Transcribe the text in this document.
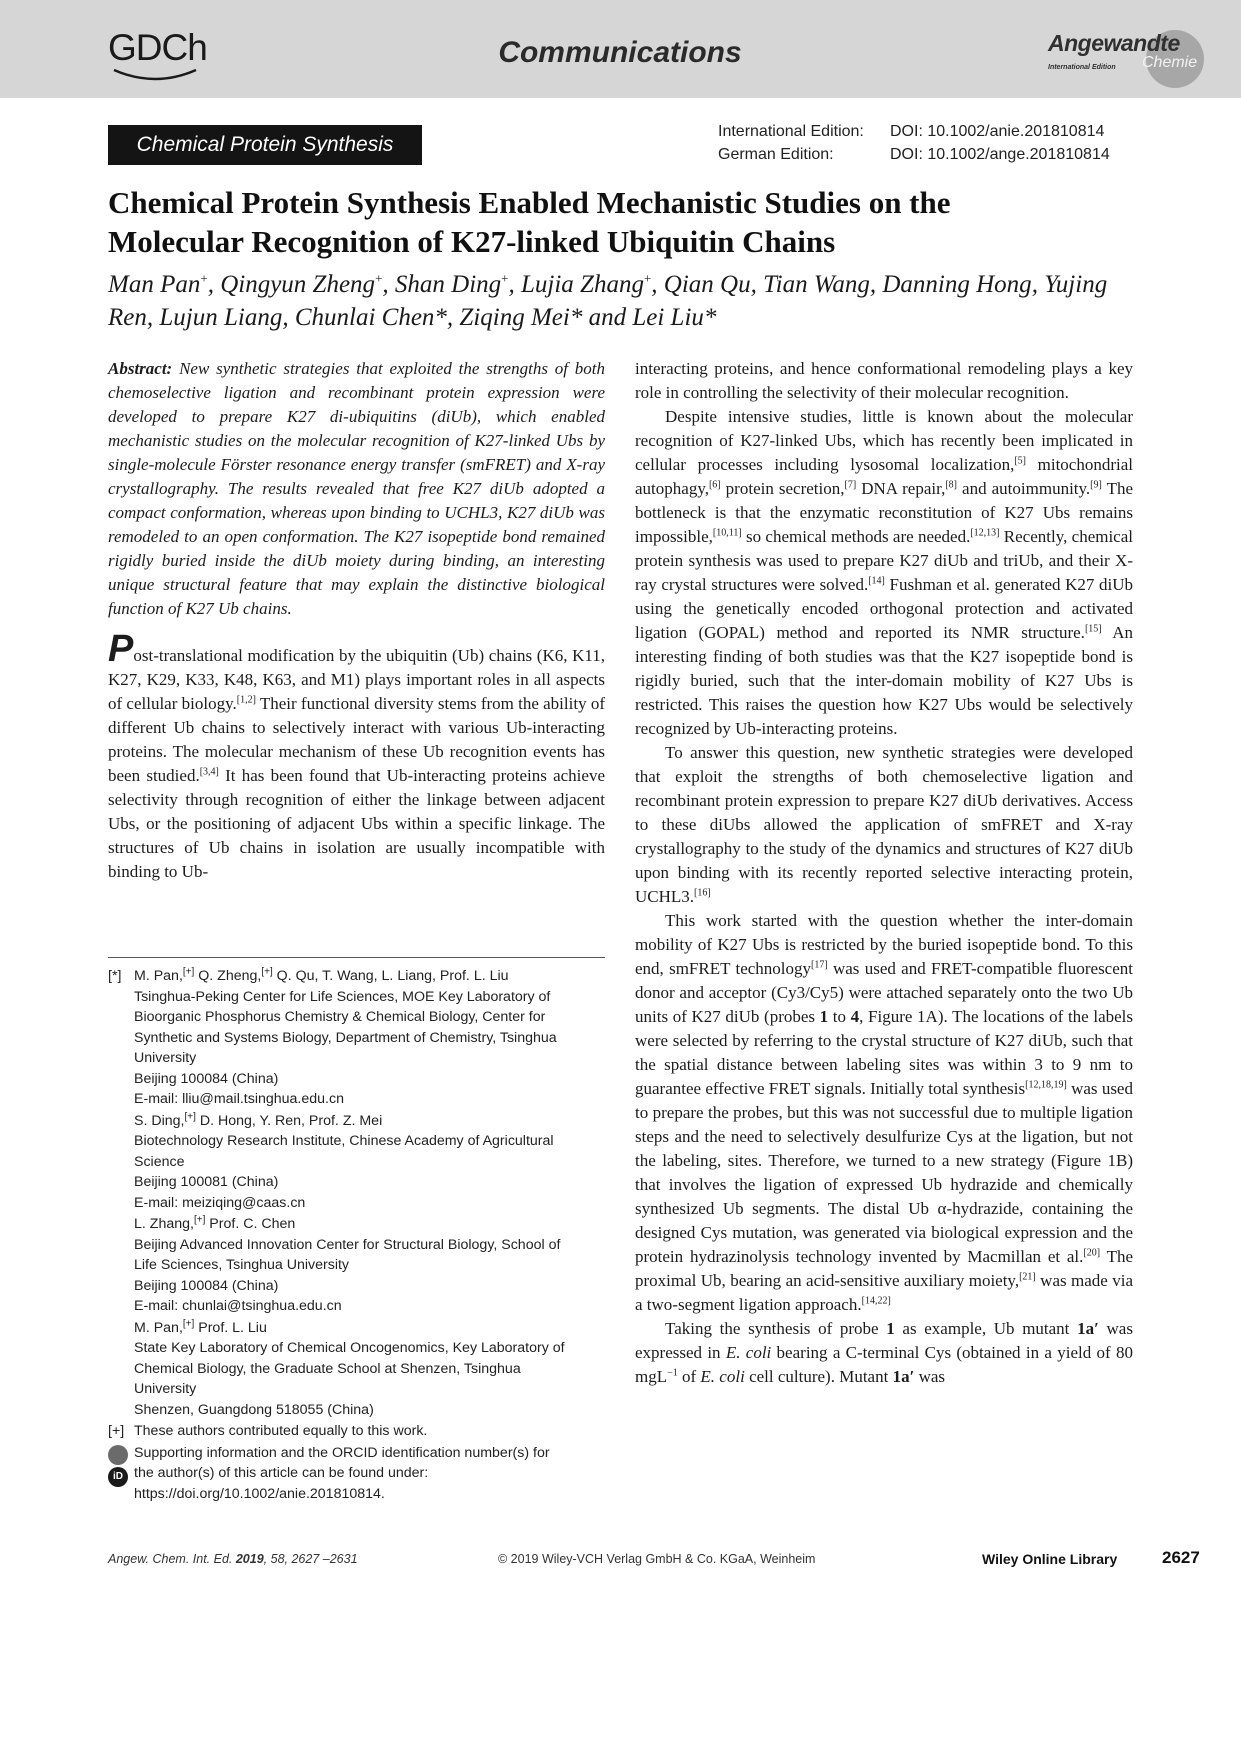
GDCh	Communications	Angewandte
International Edition Chemie
Chemical Protein Synthesis
International Edition: DOI: 10.1002/anie.201810814
German Edition:	DOI: 10.1002/ange.201810814
Chemical Protein Synthesis Enabled Mechanistic Studies on the
Molecular Recognition of K27-linked Ubiquitin Chains
Man Pan+, Qingyun Zheng+, Shan Ding+, Lujia Zhang+, Qian Qu, Tian Wang, Danning Hong, Yujing Ren, Lujun Liang, Chunlai Chen*, Ziqing Mei* and Lei Liu*

Abstract: New synthetic strategies that exploited the strengths of both chemoselective ligation and recombinant protein expression were developed to prepare K27 di-ubiquitins (diUb), which enabled mechanistic studies on the molecular recognition of K27-linked Ubs by single-molecule Förster resonance energy transfer (smFRET) and X-ray crystallography. The results revealed that free K27 diUb adopted a compact conformation, whereas upon binding to UCHL3, K27 diUb was remodeled to an open conformation. The K27 isopeptide bond remained rigidly buried inside the diUb moiety during binding, an interesting unique structural feature that may explain the distinctive biological function of K27 Ub chains.

Post-translational modification by the ubiquitin (Ub) chains (K6, K11, K27, K29, K33, K48, K63, and M1) plays important roles in all aspects of cellular biology.[1,2] Their functional diversity stems from the ability of different Ub chains to selectively interact with various Ub-interacting proteins. The molecular mechanism of these Ub recognition events has been studied.[3,4] It has been found that Ub-interacting proteins achieve selectivity through recognition of either the linkage between adjacent Ubs, or the positioning of adjacent Ubs within a specific linkage. The structures of Ub chains in isolation are usually incompatible with binding to Ub-

[*] M. Pan,[+] Q. Zheng,[+] Q. Qu, T. Wang, L. Liang, Prof. L. Liu
Tsinghua-Peking Center for Life Sciences, MOE Key Laboratory of
Bioorganic Phosphorus Chemistry & Chemical Biology, Center for
Synthetic and Systems Biology, Department of Chemistry, Tsinghua
University
Beijing 100084 (China)
E-mail: lliu@mail.tsinghua.edu.cn
S. Ding,[+] D. Hong, Y. Ren, Prof. Z. Mei
Biotechnology Research Institute, Chinese Academy of Agricultural
Science
Beijing 100081 (China)
E-mail: meiziqing@caas.cn
L. Zhang,[+] Prof. C. Chen
Beijing Advanced Innovation Center for Structural Biology, School of
Life Sciences, Tsinghua University
Beijing 100084 (China)
E-mail: chunlai@tsinghua.edu.cn
M. Pan,[+] Prof. L. Liu
State Key Laboratory of Chemical Oncogenomics, Key Laboratory of
Chemical Biology, the Graduate School at Shenzen, Tsinghua
University
Shenzen, Guangdong 518055 (China)
[+] These authors contributed equally to this work.
iD
Supporting information and the ORCID identification number(s) for
the author(s) of this article can be found under:
https://doi.org/10.1002/anie.201810814.

interacting proteins, and hence conformational remodeling plays a key role in controlling the selectivity of their molecular recognition.

Despite intensive studies, little is known about the molecular recognition of K27-linked Ubs, which has recently been implicated in cellular processes including lysosomal localization,[5] mitochondrial autophagy,[6] protein secretion,[7] DNA repair,[8] and autoimmunity.[9] The bottleneck is that the enzymatic reconstitution of K27 Ubs remains impossible,[10,11] so chemical methods are needed.[12,13] Recently, chemical protein synthesis was used to prepare K27 diUb and triUb, and their X-ray crystal structures were solved.[14] Fushman et al. generated K27 diUb using the genetically encoded orthogonal protection and activated ligation (GOPAL) method and reported its NMR structure.[15] An interesting finding of both studies was that the K27 isopeptide bond is rigidly buried, such that the inter-domain mobility of K27 Ubs is restricted. This raises the question how K27 Ubs would be selectively recognized by Ub-interacting proteins.

To answer this question, new synthetic strategies were developed that exploit the strengths of both chemoselective ligation and recombinant protein expression to prepare K27 diUb derivatives. Access to these diUbs allowed the application of smFRET and X-ray crystallography to the study of the dynamics and structures of K27 diUb upon binding with its recently reported selective interacting protein, UCHL3.[16]

This work started with the question whether the inter-domain mobility of K27 Ubs is restricted by the buried isopeptide bond. To this end, smFRET technology[17] was used and FRET-compatible fluorescent donor and acceptor (Cy3/Cy5) were attached separately onto the two Ub units of K27 diUb (probes 1 to 4, Figure 1A). The locations of the labels were selected by referring to the crystal structure of K27 diUb, such that the spatial distance between labeling sites was within 3 to 9 nm to guarantee effective FRET signals. Initially total synthesis[12,18,19] was used to prepare the probes, but this was not successful due to multiple ligation steps and the need to selectively desulfurize Cys at the ligation, but not the labeling, sites. Therefore, we turned to a new strategy (Figure 1B) that involves the ligation of expressed Ub hydrazide and chemically synthesized Ub segments. The distal Ub α-hydrazide, containing the designed Cys mutation, was generated via biological expression and the protein hydrazinolysis technology invented by Macmillan et al.[20] The proximal Ub, bearing an acid-sensitive auxiliary moiety,[21] was made via a two-segment ligation approach.[14,22]

Taking the synthesis of probe 1 as example, Ub mutant 1a′ was expressed in E. coli bearing a C-terminal Cys (obtained in a yield of 80 mgL$^{-1}$ of E. coli cell culture). Mutant 1a′ was

Angew. Chem. Int. Ed. 2019, 58, 2627 –2631	© 2019 Wiley-VCH Verlag GmbH & Co. KGaA, Weinheim	Wiley Online Library	2627
